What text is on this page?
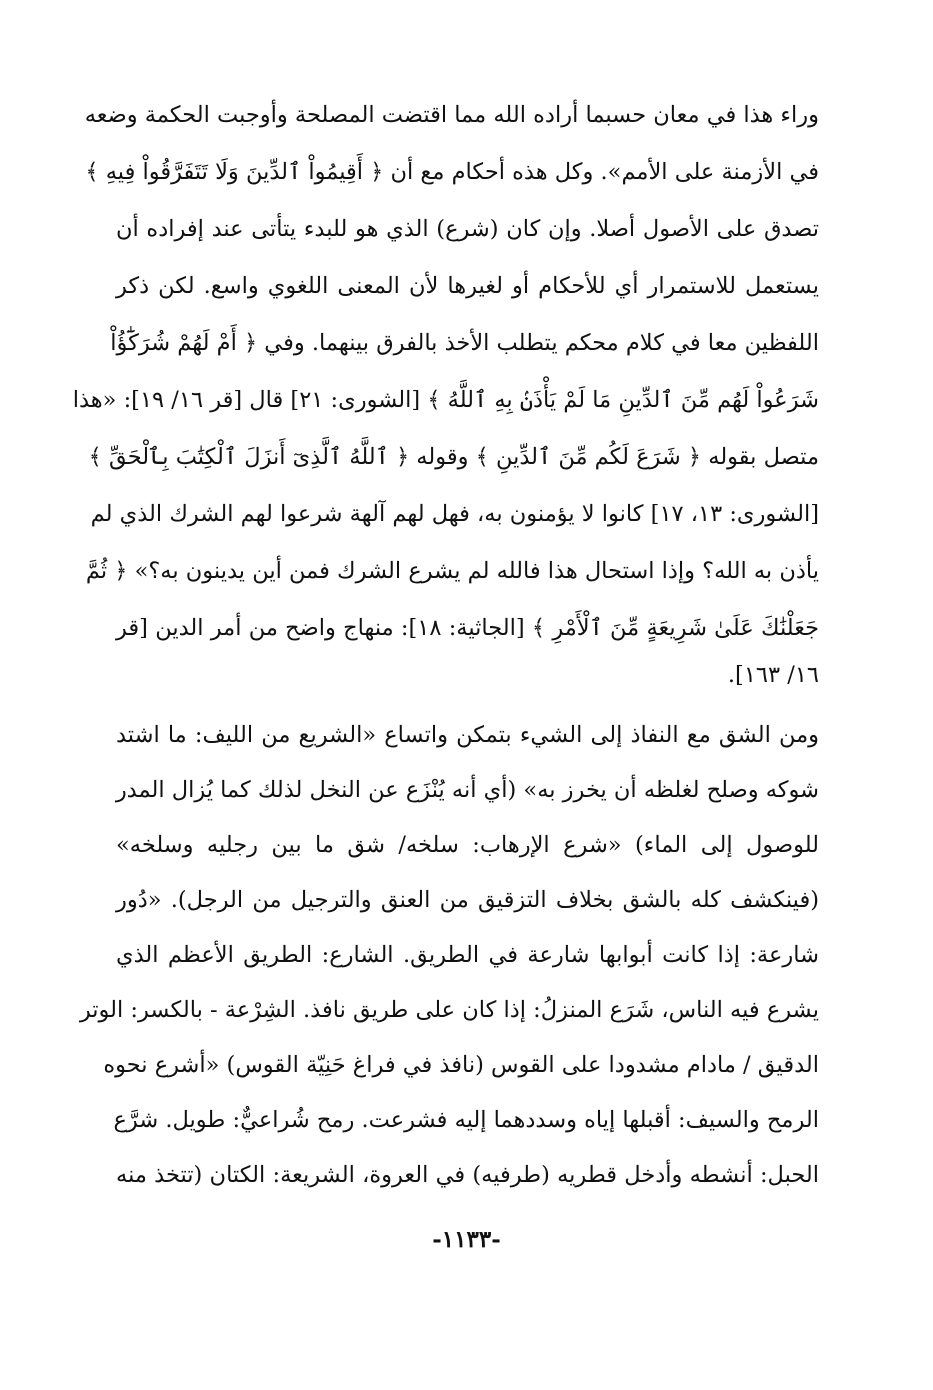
وراء هذا في معان حسبما أراده الله مما اقتضت المصلحة وأوجبت الحكمة وضعه
في الأزمنة على الأمم». وكل هذه أحكام مع أن ﴿ أَقِيمُواْ ٱلدِّينَ وَلَا تَتَفَرَّقُواْ فِيهِ ﴾
تصدق على الأصول أصلا. وإن كان (شرع) الذي هو للبدء يتأتى عند إفراده أن
يستعمل للاستمرار أي للأحكام أو لغيرها لأن المعنى اللغوي واسع. لكن ذكر
اللفظين معا في كلام محكم يتطلب الأخذ بالفرق بينهما. وفي ﴿ أَمْ لَهُمْ شُرَكَٰٓؤُاْ
شَرَعُواْ لَهُم مِّنَ ٱلدِّينِ مَا لَمْ يَأْذَنۢ بِهِ ٱللَّهُ ﴾ [الشورى: ٢١] قال [قر ١٦/ ١٩]: «هذا
متصل بقوله ﴿ شَرَعَ لَكُم مِّنَ ٱلدِّينِ ﴾ وقوله ﴿ ٱللَّهُ ٱلَّذِىٓ أَنزَلَ ٱلْكِتَٰبَ بِٱلْحَقِّ ﴾
[الشورى: ١٣، ١٧] كانوا لا يؤمنون به، فهل لهم آلهة شرعوا لهم الشرك الذي لم
يأذن به الله؟ وإذا استحال هذا فالله لم يشرع الشرك فمن أين يدينون به؟» ﴿ ثُمَّ
جَعَلْنَٰكَ عَلَىٰ شَرِيعَةٍ مِّنَ ٱلْأَمْرِ ﴾ [الجاثية: ١٨]: منهاج واضح من أمر الدين [قر
١٦/ ١٦٣].
ومن الشق مع النفاذ إلى الشيء بتمكن واتساع «الشريع من الليف: ما اشتد
شوكه وصلح لغلظه أن يخرز به» (أي أنه يُنْزَع عن النخل لذلك كما يُزال المدر
للوصول إلى الماء) «شرع الإرهاب: سلخه/ شق ما بين رجليه وسلخه»
(فينكشف كله بالشق بخلاف التزقيق من العنق والترجيل من الرجل). «دُور
شارعة: إذا كانت أبوابها شارعة في الطريق. الشارع: الطريق الأعظم الذي
يشرع فيه الناس، شَرَع المنزلُ: إذا كان على طريق نافذ. الشِرْعة - بالكسر: الوتر
الدقيق / مادام مشدودا على القوس (نافذ في فراغ حَنِيّة القوس) «أشرع نحوه
الرمح والسيف: أقبلها إياه وسددهما إليه فشرعت. رمح شُراعيٌّ: طويل. شرَّع
الحبل: أنشطه وأدخل قطريه (طرفيه) في العروة، الشريعة: الكتان (تتخذ منه
-١١٣٣-
